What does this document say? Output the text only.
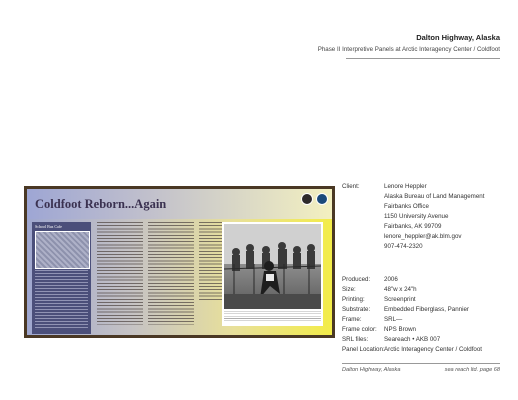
Dalton Highway, Alaska
Phase II Interpretive Panels at Arctic Interagency Center / Coldfoot
Coldfoot Reborn...Again
School Bus Cafe
Client:	Lenore Heppler
Alaska Bureau of Land Management
Fairbanks Office
1150 University Avenue
Fairbanks, AK 99709
lenore_heppler@ak.blm.gov
907-474-2320
Produced: 2006
Size:	48"w x 24"h
Printing:	Screenprint
Substrate: Embedded Fiberglass, Pannier
Frame:	SRL—
Frame color: NPS Brown
SRL files:	Seareach • AKB 007
Panel Location: Arctic Interagency Center / Coldfoot
Dalton Highway, Alaska	sea reach ltd. page 68
